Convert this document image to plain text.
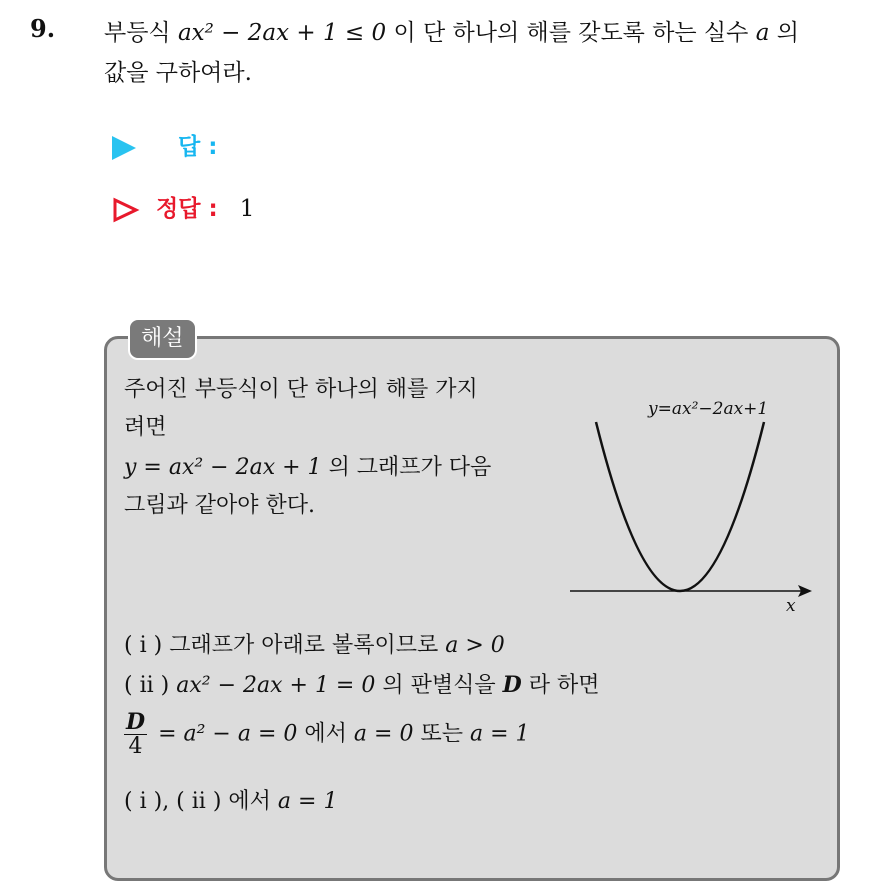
9. 부등식 ax² − 2ax + 1 ≤ 0 이 단 하나의 해를 갖도록 하는 실수 a 의
값을 구하여라.
답 :
정답 : 1
해설
주어진 부등식이 단 하나의 해를 가지
려면
y = ax² − 2ax + 1 의 그래프가 다음
그림과 같아야 한다.
y=ax²−2ax+1
x
( i ) 그래프가 아래로 볼록이므로 a > 0
( ii ) ax² − 2ax + 1 = 0 의 판별식을 D 라 하면
$\frac{D}{4} = a^2 - a = 0$ 에서 a = 0 또는 a = 1
( i ), ( ii ) 에서 a = 1
